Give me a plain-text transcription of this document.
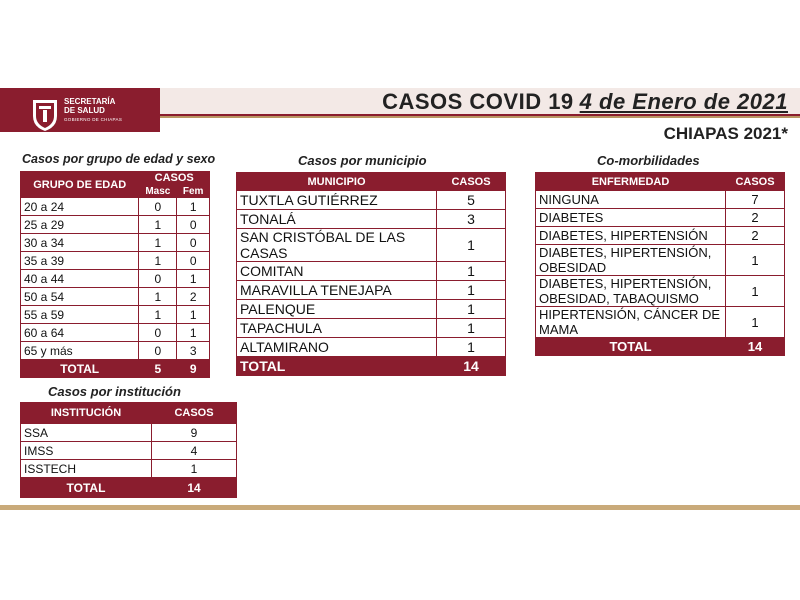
SECRETARÍA
DE SALUD
GOBIERNO DE CHIAPAS
CASOS COVID 19 4 de Enero de 2021
CHIAPAS 2021*
Casos por grupo de edad y sexo	Casos por municipio	Co-morbilidades
Casos por institución
GRUPO DE EDAD	CASOS	
	Masc	Fem
20 a 24	0	1
25 a 29	1	0
30 a 34	1	0
35 a 39	1	0
40 a 44	0	1
50 a 54	1	2
55 a 59	1	1
60 a 64	0	1
65 y más	0	3
TOTAL	5	9
MUNICIPIO	CASOS
TUXTLA GUTIÉRREZ	5
TONALÁ	3
SAN CRISTÓBAL DE LAS CASAS	1
COMITAN	1
MARAVILLA TENEJAPA	1
PALENQUE	1
TAPACHULA	1
ALTAMIRANO	1
TOTAL	14
ENFERMEDAD	CASOS
NINGUNA	7
DIABETES	2
DIABETES, HIPERTENSIÓN	2
DIABETES, HIPERTENSIÓN, OBESIDAD	1
DIABETES, HIPERTENSIÓN, OBESIDAD, TABAQUISMO	1
HIPERTENSIÓN, CÁNCER DE MAMA	1
TOTAL	14
INSTITUCIÓN	CASOS
SSA	9
IMSS	4
ISSTECH	1
TOTAL	14
